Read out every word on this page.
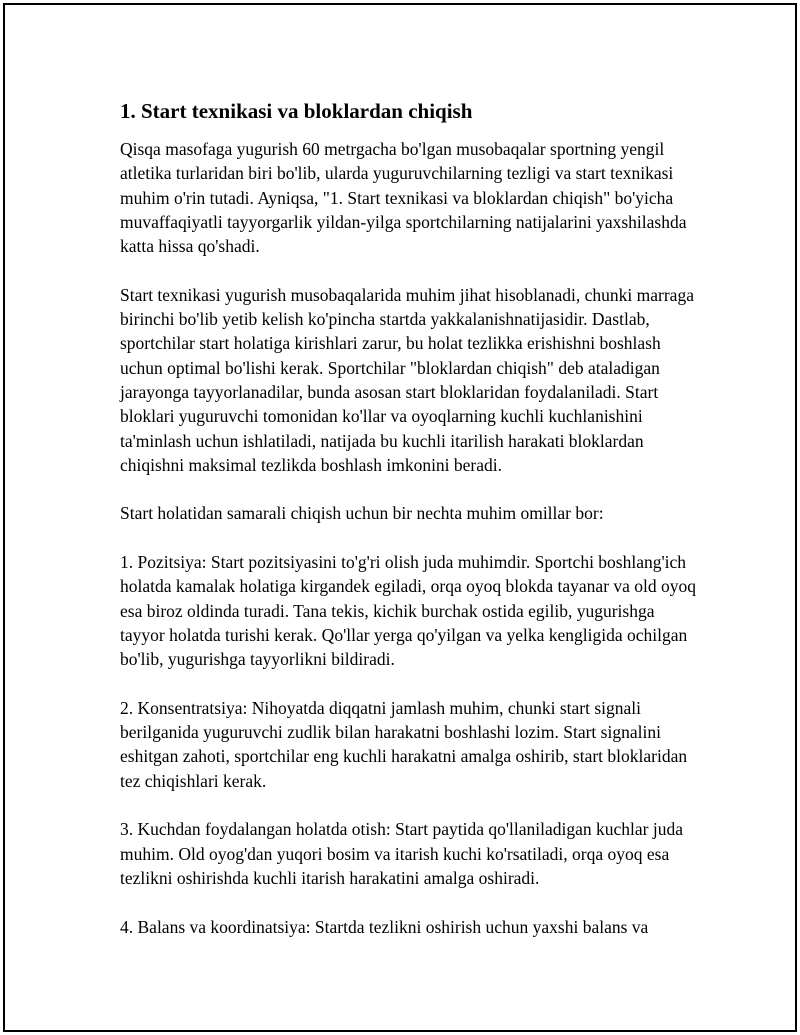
1. Start texnikasi va bloklardan chiqish

Qisqa masofaga yugurish 60 metrgacha bo'lgan musobaqalar sportning yengil atletika turlaridan biri bo'lib, ularda yuguruvchilarning tezligi va start texnikasi muhim o'rin tutadi. Ayniqsa, "1. Start texnikasi va bloklardan chiqish" bo'yicha muvaffaqiyatli tayyorgarlik yildan-yilga sportchilarning natijalarini yaxshilashda katta hissa qo'shadi.

Start texnikasi yugurish musobaqalarida muhim jihat hisoblanadi, chunki marraga birinchi bo'lib yetib kelish ko'pincha startda yakkalanishnatijasidir. Dastlab, sportchilar start holatiga kirishlari zarur, bu holat tezlikka erishishni boshlash uchun optimal bo'lishi kerak. Sportchilar "bloklardan chiqish" deb ataladigan jarayonga tayyorlanadilar, bunda asosan start bloklaridan foydalaniladi. Start bloklari yuguruvchi tomonidan ko'llar va oyoqlarning kuchli kuchlanishini ta'minlash uchun ishlatiladi, natijada bu kuchli itarilish harakati bloklardan chiqishni maksimal tezlikda boshlash imkonini beradi.

Start holatidan samarali chiqish uchun bir nechta muhim omillar bor:

1. Pozitsiya: Start pozitsiyasini to'g'ri olish juda muhimdir. Sportchi boshlang'ich holatda kamalak holatiga kirgandek egiladi, orqa oyoq blokda tayanar va old oyoq esa biroz oldinda turadi. Tana tekis, kichik burchak ostida egilib, yugurishga tayyor holatda turishi kerak. Qo'llar yerga qo'yilgan va yelka kengligida ochilgan bo'lib, yugurishga tayyorlikni bildiradi.

2. Konsentratsiya: Nihoyatda diqqatni jamlash muhim, chunki start signali berilganida yuguruvchi zudlik bilan harakatni boshlashi lozim. Start signalini eshitgan zahoti, sportchilar eng kuchli harakatni amalga oshirib, start bloklaridan tez chiqishlari kerak.

3. Kuchdan foydalangan holatda otish: Start paytida qo'llaniladigan kuchlar juda muhim. Old oyog'dan yuqori bosim va itarish kuchi ko'rsatiladi, orqa oyoq esa tezlikni oshirishda kuchli itarish harakatini amalga oshiradi.

4. Balans va koordinatsiya: Startda tezlikni oshirish uchun yaxshi balans va
